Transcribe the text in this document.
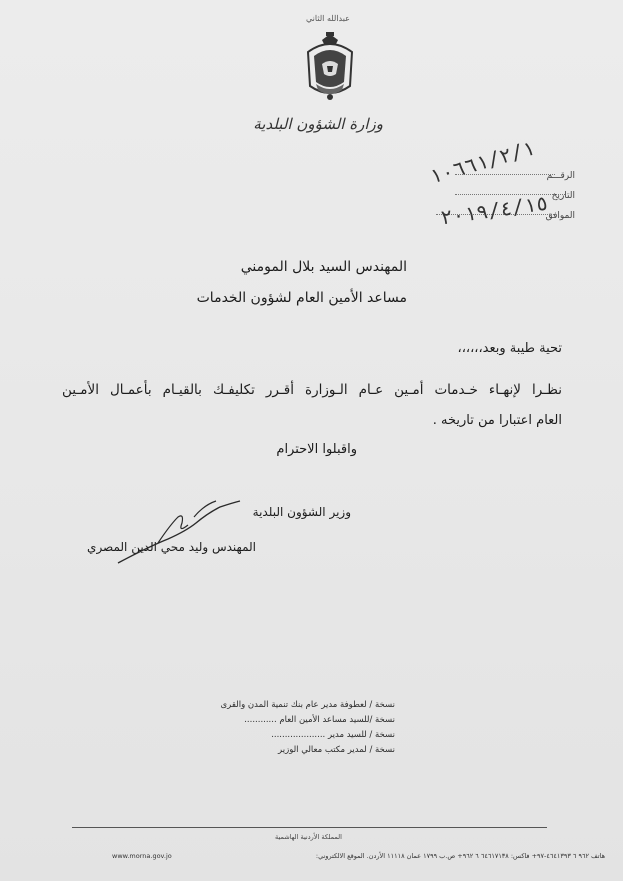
عبدالله الثاني
وزارة الشؤون البلدية
الرقـــم
التاريخ
الموافق
١٠٦٦١/٢/١
٢٠١٩/٤/١٥
المهندس السيد بلال المومني
مساعد الأمين العام لشؤون الخدمات
تحية طيبة وبعد،،،،،،
نظـرا لإنهـاء خـدمات أمـين عـام الـوزارة أقـرر تكليفـك بالقيـام بأعمـال الأمـين
العام اعتبارا من تاريخه .
واقبلوا الاحترام
وزير الشؤون البلدية
المهندس وليد محي الدين المصري
نسخة / لعطوفة مدير عام بنك تنمية المدن والقرى
نسخة /للسيد مساعد الأمين العام ............
نسخة / للسيد مدير ....................
نسخة / لمدير مكتب معالي الوزير
المملكة الأردنية الهاشمية
هاتف ٩٦٢ ٦ ٤٦٤١٣٩٣-٩٧+ فاكس: ٦٤٦١٧١٣٨ ٦ ٩٦٢+ ص.ب ١٧٩٩ عمان ١١١١٨ الأردن. الموقع الالكتروني:
www.morna.gov.jo
